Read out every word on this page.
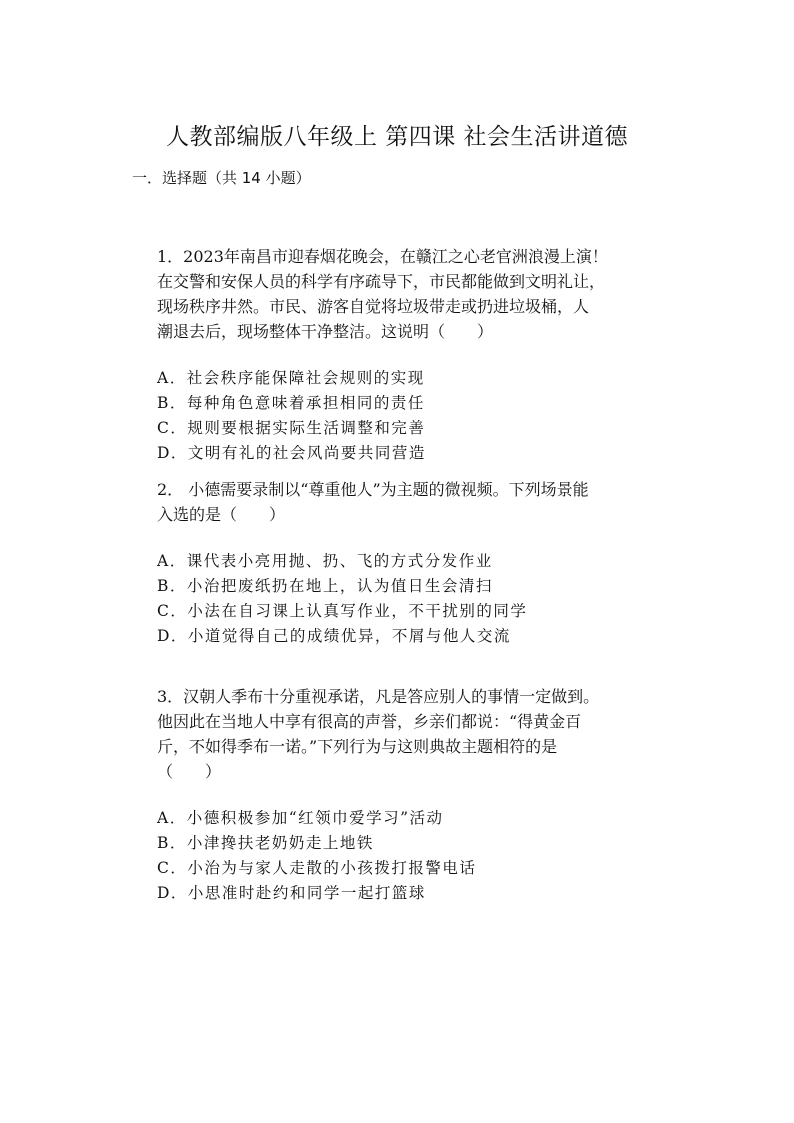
人教部编版八年级上 第四课 社会生活讲道德
一．选择题（共 14 小题）

1．2023年南昌市迎春烟花晚会，在赣江之心老官洲浪漫上演！

在交警和安保人员的科学有序疏导下，市民都能做到文明礼让，

现场秩序井然。市民、游客自觉将垃圾带走或扔进垃圾桶，人

潮退去后，现场整体干净整洁。这说明（　　）

A．社会秩序能保障社会规则的实现

B．每种角色意味着承担相同的责任

C．规则要根据实际生活调整和完善

D．文明有礼的社会风尚要共同营造

2． 小德需要录制以“尊重他人”为主题的微视频。下列场景能

入选的是（　　）

A．课代表小亮用抛、扔、飞的方式分发作业

B．小治把废纸扔在地上，认为值日生会清扫

C．小法在自习课上认真写作业，不干扰别的同学

D．小道觉得自己的成绩优异，不屑与他人交流

3．汉朝人季布十分重视承诺，凡是答应别人的事情一定做到。

他因此在当地人中享有很高的声誉，乡亲们都说：“得黄金百

斤，不如得季布一诺。”下列行为与这则典故主题相符的是

（　　）

A．小德积极参加“红领巾爱学习”活动

B．小津搀扶老奶奶走上地铁

C．小治为与家人走散的小孩拨打报警电话

D．小思准时赴约和同学一起打篮球
